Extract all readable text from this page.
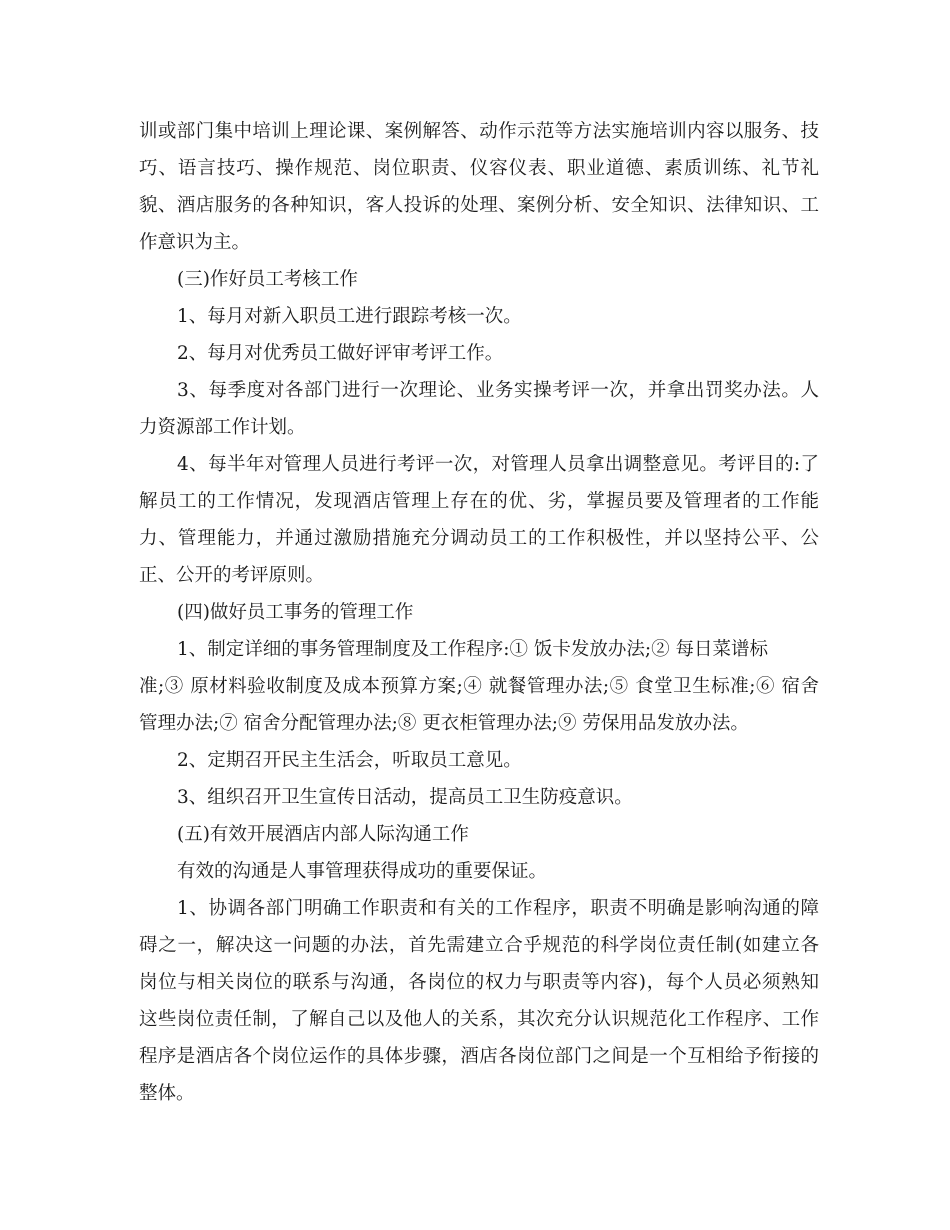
训或部门集中培训上理论课、案例解答、动作示范等方法实施培训内容以服务、技
巧、语言技巧、操作规范、岗位职责、仪容仪表、职业道德、素质训练、礼节礼
貌、酒店服务的各种知识，客人投诉的处理、案例分析、安全知识、法律知识、工
作意识为主。
(三)作好员工考核工作
1、每月对新入职员工进行跟踪考核一次。
2、每月对优秀员工做好评审考评工作。
3、每季度对各部门进行一次理论、业务实操考评一次，并拿出罚奖办法。人
力资源部工作计划。
4、每半年对管理人员进行考评一次，对管理人员拿出调整意见。考评目的:了
解员工的工作情况，发现酒店管理上存在的优、劣，掌握员要及管理者的工作能
力、管理能力，并通过激励措施充分调动员工的工作积极性，并以坚持公平、公
正、公开的考评原则。
(四)做好员工事务的管理工作
1、制定详细的事务管理制度及工作程序:① 饭卡发放办法;② 每日菜谱标
准;③ 原材料验收制度及成本预算方案;④ 就餐管理办法;⑤ 食堂卫生标准;⑥ 宿舍
管理办法;⑦ 宿舍分配管理办法;⑧ 更衣柜管理办法;⑨ 劳保用品发放办法。
2、定期召开民主生活会，听取员工意见。
3、组织召开卫生宣传日活动，提高员工卫生防疫意识。
(五)有效开展酒店内部人际沟通工作
有效的沟通是人事管理获得成功的重要保证。
1、协调各部门明确工作职责和有关的工作程序，职责不明确是影响沟通的障
碍之一，解决这一问题的办法，首先需建立合乎规范的科学岗位责任制(如建立各
岗位与相关岗位的联系与沟通，各岗位的权力与职责等内容)，每个人员必须熟知
这些岗位责任制，了解自己以及他人的关系，其次充分认识规范化工作程序、工作
程序是酒店各个岗位运作的具体步骤，酒店各岗位部门之间是一个互相给予衔接的
整体。
